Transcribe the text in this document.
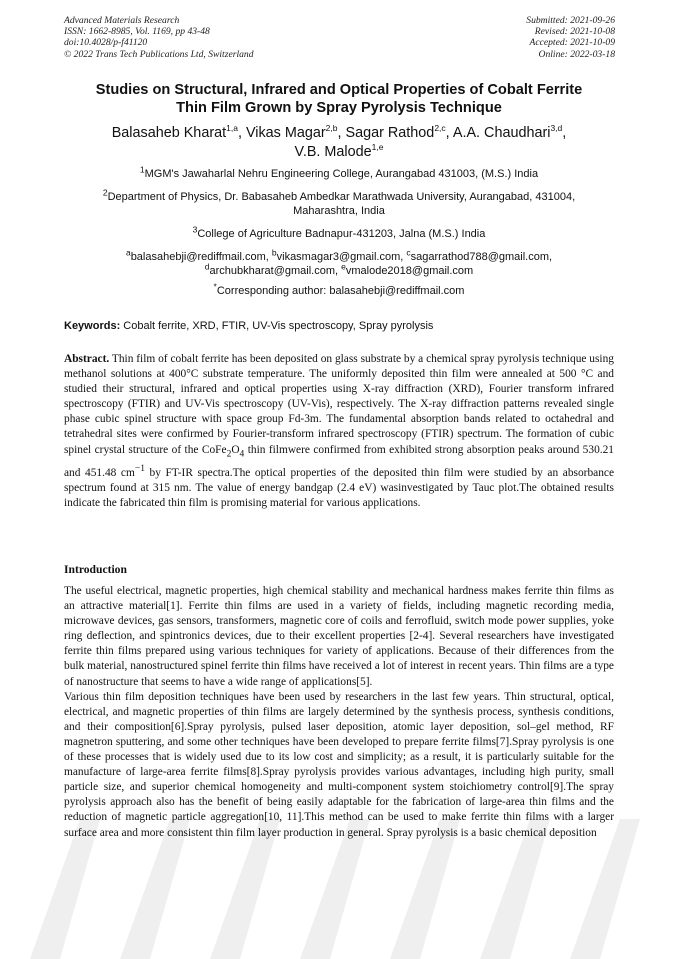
Advanced Materials Research
ISSN: 1662-8985, Vol. 1169, pp 43-48
doi:10.4028/p-f41120
© 2022 Trans Tech Publications Ltd, Switzerland
Submitted: 2021-09-26
Revised: 2021-10-08
Accepted: 2021-10-09
Online: 2022-03-18
Studies on Structural, Infrared and Optical Properties of Cobalt Ferrite
Thin Film Grown by Spray Pyrolysis Technique
Balasaheb Kharat$^{1,a}$, Vikas Magar$^{2,b}$, Sagar Rathod$^{2,c}$, A.A. Chaudhari$^{3,d}$,
V.B. Malode$^{1,e}$
$^1$MGM's Jawaharlal Nehru Engineering College, Aurangabad 431003, (M.S.) India
$^2$Department of Physics, Dr. Babasaheb Ambedkar Marathwada University, Aurangabad, 431004,
Maharashtra, India
$^3$College of Agriculture Badnapur-431203, Jalna (M.S.) India
$^a$balasahebji@rediffmail.com, $^b$vikasmagar3@gmail.com, $^c$sagarrathod788@gmail.com,
$^d$archubkharat@gmail.com, $^e$vmalode2018@gmail.com
*Corresponding author: balasahebji@rediffmail.com
Keywords: Cobalt ferrite, XRD, FTIR, UV-Vis spectroscopy, Spray pyrolysis
Abstract. Thin film of cobalt ferrite has been deposited on glass substrate by a chemical spray pyrolysis technique using methanol solutions at 400°C substrate temperature. The uniformly deposited thin film were annealed at 500 °C and studied their structural, infrared and optical properties using X-ray diffraction (XRD), Fourier transform infrared spectroscopy (FTIR) and UV-Vis spectroscopy (UV-Vis), respectively. The X-ray diffraction patterns revealed single phase cubic spinel structure with space group Fd-3m. The fundamental absorption bands related to octahedral and tetrahedral sites were confirmed by Fourier-transform infrared spectroscopy (FTIR) spectrum. The formation of cubic spinel crystal structure of the $CoFe_2O_4$ thin filmwere confirmed from exhibited strong absorption peaks around 530.21 and 451.48 $cm^{-1}$ by FT-IR spectra.The optical properties of the deposited thin film were studied by an absorbance spectrum found at 315 nm. The value of energy bandgap (2.4 eV) wasinvestigated by Tauc plot.The obtained results indicate the fabricated thin film is promising material for various applications.
Introduction

The useful electrical, magnetic properties, high chemical stability and mechanical hardness makes ferrite thin films as an attractive material[1]. Ferrite thin films are used in a variety of fields, including magnetic recording media, microwave devices, gas sensors, transformers, magnetic core of coils and ferrofluid, switch mode power supplies, yoke ring deflection, and spintronics devices, due to their excellent properties [2-4]. Several researchers have investigated ferrite thin films prepared using various techniques for variety of applications. Because of their differences from the bulk material, nanostructured spinel ferrite thin films have received a lot of interest in recent years. Thin films are a type of nanostructure that seems to have a wide range of applications[5].

Various thin film deposition techniques have been used by researchers in the last few years. Thin structural, optical, electrical, and magnetic properties of thin films are largely determined by the synthesis process, synthesis conditions, and their composition[6].Spray pyrolysis, pulsed laser deposition, atomic layer deposition, sol–gel method, RF magnetron sputtering, and some other techniques have been developed to prepare ferrite films[7].Spray pyrolysis is one of these processes that is widely used due to its low cost and simplicity; as a result, it is particularly suitable for the manufacture of large-area ferrite films[8].Spray pyrolysis provides various advantages, including high purity, small particle size, and superior chemical homogeneity and multi-component system stoichiometry control[9].The spray pyrolysis approach also has the benefit of being easily adaptable for the fabrication of large-area thin films and the reduction of magnetic particle aggregation[10, 11].This method can be used to make ferrite thin films with a larger surface area and more consistent thin film layer production in general. Spray pyrolysis is a basic chemical deposition
